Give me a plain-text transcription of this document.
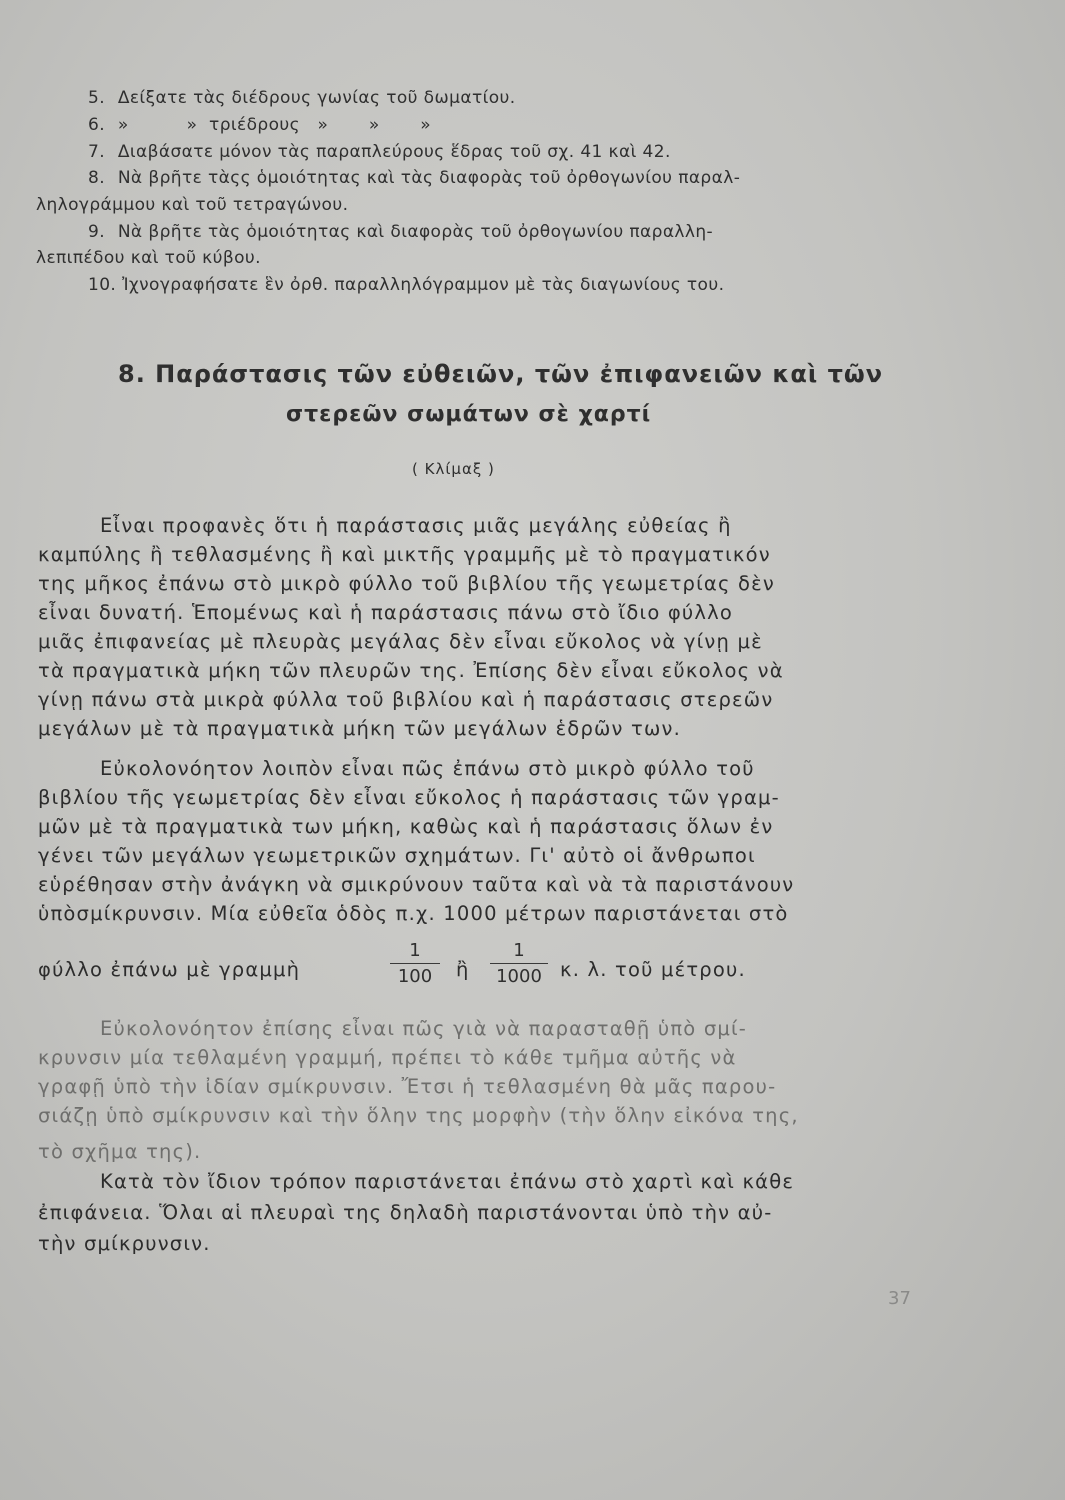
5. Δείξατε τὰς διέδρους γωνίας τοῦ δωματίου.
6. »          »  τριέδρους   »       »       »
7. Διαβάσατε μόνον τὰς παραπλεύρους ἕδρας τοῦ σχ. 41 καὶ 42.
8. Νὰ βρῆτε τὰςς ὁμοιότητας καὶ τὰς διαφορὰς τοῦ ὀρθογωνίου παραλ-
ληλογράμμου καὶ τοῦ τετραγώνου.
9. Νὰ βρῆτε τὰς ὁμοιότητας καὶ διαφορὰς τοῦ ὀρθογωνίου παραλλη-
λεπιπέδου καὶ τοῦ κύβου.
10. Ἰχνογραφήσατε ἓν ὀρθ. παραλληλόγραμμον μὲ τὰς διαγωνίους του.
8. Παράστασις τῶν εὐθειῶν, τῶν ἐπιφανειῶν καὶ τῶν
στερεῶν σωμάτων σὲ χαρτί
( Κλίμαξ )
Εἶναι προφανὲς ὅτι ἡ παράστασις μιᾶς μεγάλης εὐθείας ἢ
καμπύλης ἢ τεθλασμένης ἢ καὶ μικτῆς γραμμῆς μὲ τὸ πραγματικόν
της μῆκος ἐπάνω στὸ μικρὸ φύλλο τοῦ βιβλίου τῆς γεωμετρίας δὲν
εἶναι δυνατή. Ἑπομένως καὶ ἡ παράστασις πάνω στὸ ἴδιο φύλλο
μιᾶς ἐπιφανείας μὲ πλευρὰς μεγάλας δὲν εἶναι εὔκολος νὰ γίνῃ μὲ
τὰ πραγματικὰ μήκη τῶν πλευρῶν της. Ἐπίσης δὲν εἶναι εὔκολος νὰ
γίνῃ πάνω στὰ μικρὰ φύλλα τοῦ βιβλίου καὶ ἡ παράστασις στερεῶν
μεγάλων μὲ τὰ πραγματικὰ μήκη τῶν μεγάλων ἑδρῶν των.
Εὐκολονόητον λοιπὸν εἶναι πῶς ἐπάνω στὸ μικρὸ φύλλο τοῦ
βιβλίου τῆς γεωμετρίας δὲν εἶναι εὔκολος ἡ παράστασις τῶν γραμ-
μῶν μὲ τὰ πραγματικὰ των μήκη, καθὼς καὶ ἡ παράστασις ὅλων ἐν
γένει τῶν μεγάλων γεωμετρικῶν σχημάτων. Γι' αὐτὸ οἱ ἄνθρωποι
εὑρέθησαν στὴν ἀνάγκη νὰ σμικρύνουν ταῦτα καὶ νὰ τὰ παριστάνουν
ὑπὸσμίκρυνσιν. Μία εὐθεῖα ὁδὸς π.χ. 1000 μέτρων παριστάνεται στὸ
φύλλο ἐπάνω μὲ γραμμὴ
1
100	ἢ
1
1000 κ. λ. τοῦ μέτρου.
Εὐκολονόητον ἐπίσης εἶναι πῶς γιὰ νὰ παρασταθῇ ὑπὸ σμί-
κρυνσιν μία τεθλαμένη γραμμή, πρέπει τὸ κάθε τμῆμα αὐτῆς νὰ
γραφῇ ὑπὸ τὴν ἰδίαν σμίκρυνσιν. Ἔτσι ἡ τεθλασμένη θὰ μᾶς παρου-
σιάζῃ ὑπὸ σμίκρυνσιν καὶ τὴν ὅλην της μορφὴν (τὴν ὅλην εἰκόνα της,
τὸ σχῆμα της).
Κατὰ τὸν ἴδιον τρόπον παριστάνεται ἐπάνω στὸ χαρτὶ καὶ κάθε
ἐπιφάνεια. Ὅλαι αἱ πλευραὶ της δηλαδὴ παριστάνονται ὑπὸ τὴν αὐ-
τὴν σμίκρυνσιν.
37
